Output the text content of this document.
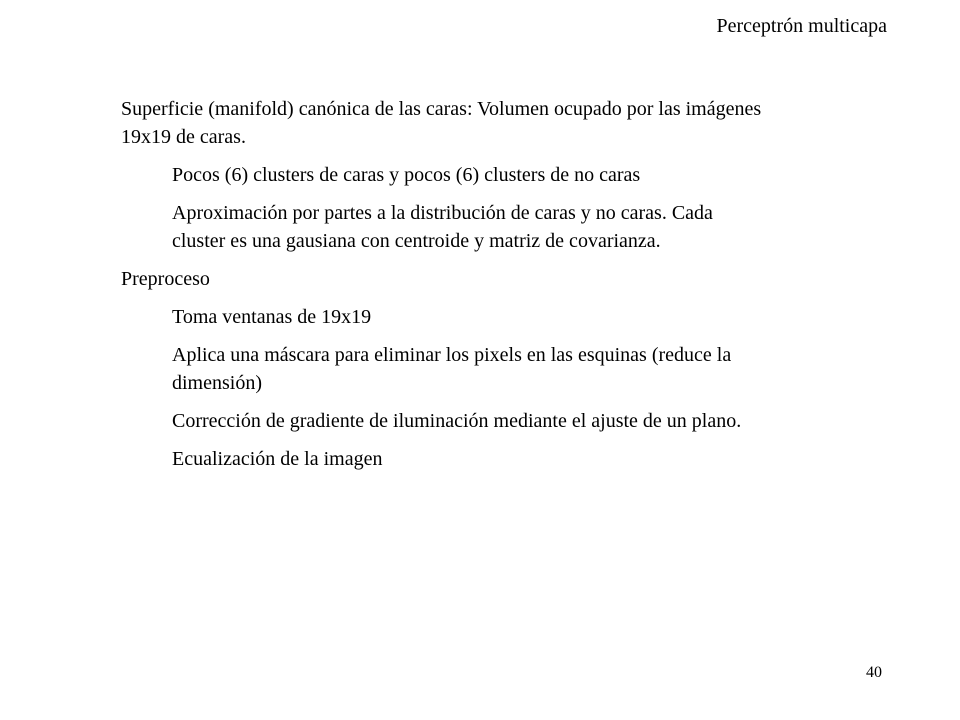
Perceptrón multicapa

Superficie (manifold) canónica de las caras: Volumen ocupado por las imágenes 19x19 de caras.

Pocos (6) clusters de caras y pocos (6) clusters de no caras

Aproximación por partes a la distribución de caras y no caras. Cada cluster es una gausiana con centroide y matriz de covarianza.

Preproceso

Toma ventanas de 19x19

Aplica una máscara para eliminar los pixels en las esquinas (reduce la dimensión)

Corrección de gradiente de iluminación mediante el ajuste de un plano.

Ecualización de la imagen

40
